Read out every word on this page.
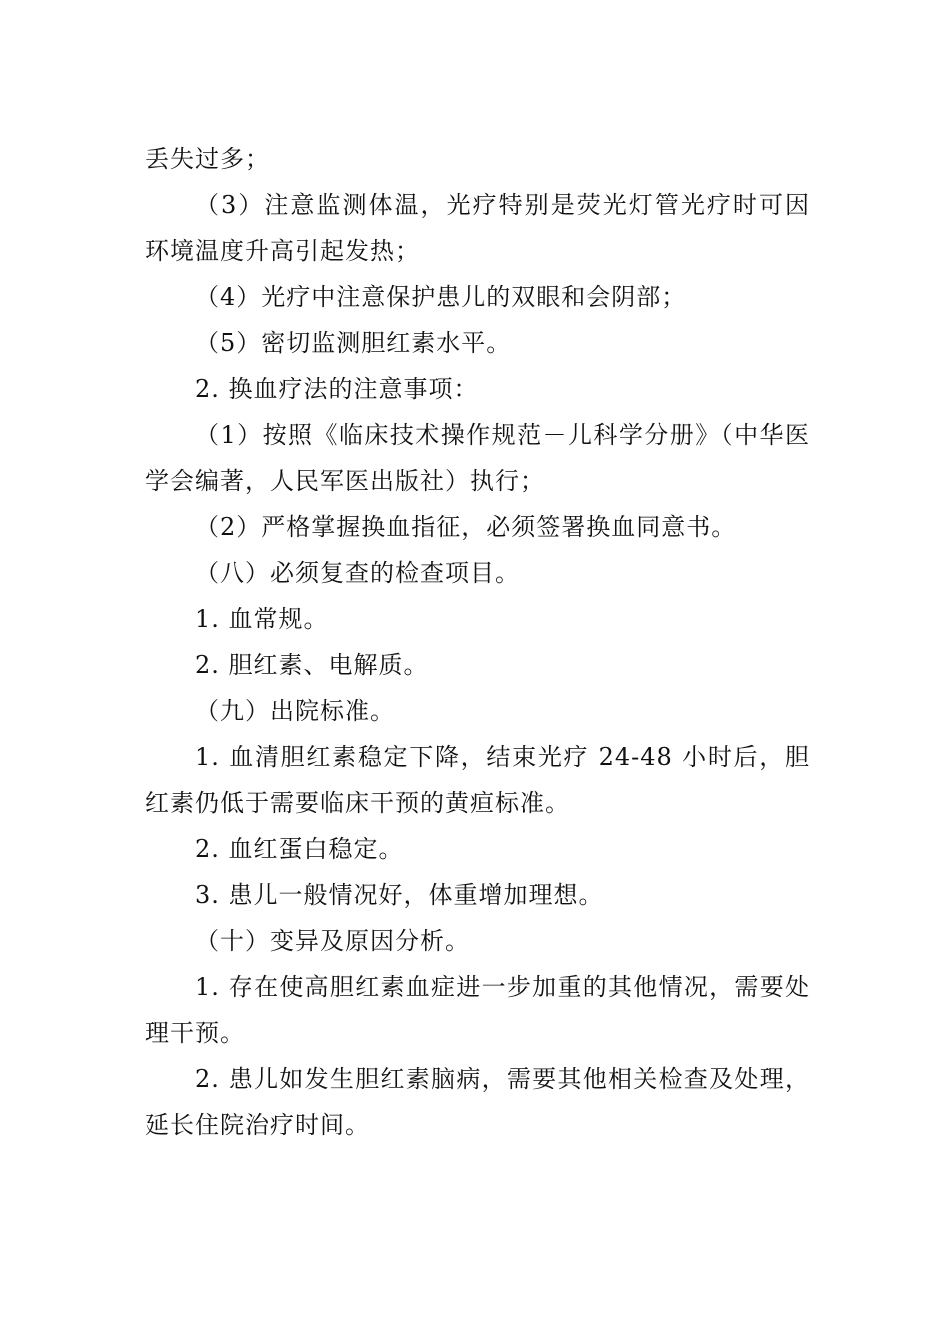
丢失过多；

（3）注意监测体温，光疗特别是荧光灯管光疗时可因环境温度升高引起发热；

（4）光疗中注意保护患儿的双眼和会阴部；

（5）密切监测胆红素水平。

2. 换血疗法的注意事项：

（1）按照《临床技术操作规范－儿科学分册》（中华医学会编著，人民军医出版社）执行；

（2）严格掌握换血指征，必须签署换血同意书。

（八）必须复查的检查项目。

1. 血常规。

2. 胆红素、电解质。

（九）出院标准。

1. 血清胆红素稳定下降，结束光疗 24-48 小时后，胆红素仍低于需要临床干预的黄疸标准。

2. 血红蛋白稳定。

3. 患儿一般情况好，体重增加理想。

（十）变异及原因分析。

1. 存在使高胆红素血症进一步加重的其他情况，需要处理干预。

2. 患儿如发生胆红素脑病，需要其他相关检查及处理，延长住院治疗时间。
